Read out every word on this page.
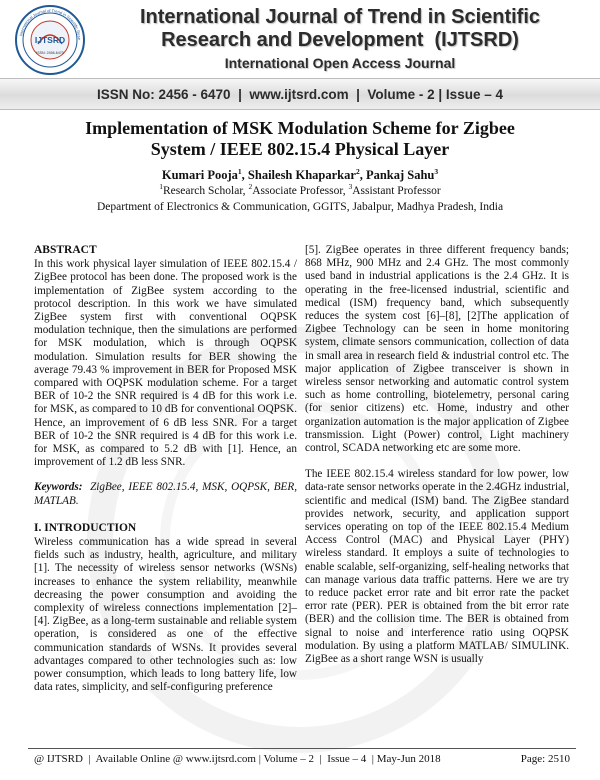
IJTSRD
ISSN: 2456-6470
International Journal of Trend in Scientific Rese
International Journal of Trend in Scientific
Research and Development  (IJTSRD)
International Open Access Journal
ISSN No: 2456 - 6470  |  www.ijtsrd.com  |  Volume - 2 | Issue – 4
Implementation of MSK Modulation Scheme for Zigbee
System / IEEE 802.15.4 Physical Layer
Kumari Pooja$^1$, Shailesh Khaparkar$^2$, Pankaj Sahu$^3$
$^1$Research Scholar, $^2$Associate Professor, $^3$Assistant Professor
Department of Electronics & Communication, GGITS, Jabalpur, Madhya Pradesh, India
ABSTRACT

In this work physical layer simulation of IEEE 802.15.4 / ZigBee protocol has been done. The proposed work is the implementation of ZigBee system according to the protocol description. In this work we have simulated ZigBee system first with conventional OQPSK modulation technique, then the simulations are performed for MSK modulation, which is through OQPSK modulation. Simulation results for BER showing the average 79.43 % improvement in BER for Proposed MSK compared with OQPSK modulation scheme. For a target BER of 10-2 the SNR required is 4 dB for this work i.e. for MSK, as compared to 10 dB for conventional OQPSK. Hence, an improvement of 6 dB less SNR. For a target BER of 10-2 the SNR required is 4 dB for this work i.e. for MSK, as compared to 5.2 dB with [1]. Hence, an improvement of 1.2 dB less SNR.

Keywords:  ZigBee, IEEE 802.15.4, MSK, OQPSK, BER, MATLAB.

I. INTRODUCTION

Wireless communication has a wide spread in several fields such as industry, health, agriculture, and military [1]. The necessity of wireless sensor networks (WSNs) increases to enhance the system reliability, meanwhile decreasing the power consumption and avoiding the complexity of wireless connections implementation [2]–[4]. ZigBee, as a long-term sustainable and reliable system operation, is considered as one of the effective communication standards of WSNs. It provides several advantages compared to other technologies such as: low power consumption, which leads to long battery life, low data rates, simplicity, and self-configuring preference

[5]. ZigBee operates in three different frequency bands; 868 MHz, 900 MHz and 2.4 GHz. The most commonly used band in industrial applications is the 2.4 GHz. It is operating in the free-licensed industrial, scientific and medical (ISM) frequency band, which subsequently reduces the system cost [6]–[8], [2]The application of Zigbee Technology can be seen in home monitoring system, climate sensors communication, collection of data in small area in research field & industrial control etc. The major application of Zigbee transceiver is shown in wireless sensor networking and automatic control system such as home controlling, biotelemetry, personal caring (for senior citizens) etc. Home, industry and other organization automation is the major application of Zigbee transmission. Light (Power) control, Light machinery control, SCADA networking etc are some more.

The IEEE 802.15.4 wireless standard for low power, low data-rate sensor networks operate in the 2.4GHz industrial, scientific and medical (ISM) band. The ZigBee standard provides network, security, and application support services operating on top of the IEEE 802.15.4 Medium Access Control (MAC) and Physical Layer (PHY) wireless standard. It employs a suite of technologies to enable scalable, self-organizing, self-healing networks that can manage various data traffic patterns. Here we are try to reduce packet error rate and bit error rate the packet error rate (PER). PER is obtained from the bit error rate (BER) and the collision time. The BER is obtained from signal to noise and interference ratio using OQPSK modulation. By using a platform MATLAB/ SIMULINK. ZigBee as a short range WSN is usually

@ IJTSRD  |  Available Online @ www.ijtsrd.com | Volume – 2  |  Issue – 4  | May-Jun 2018	Page: 2510
